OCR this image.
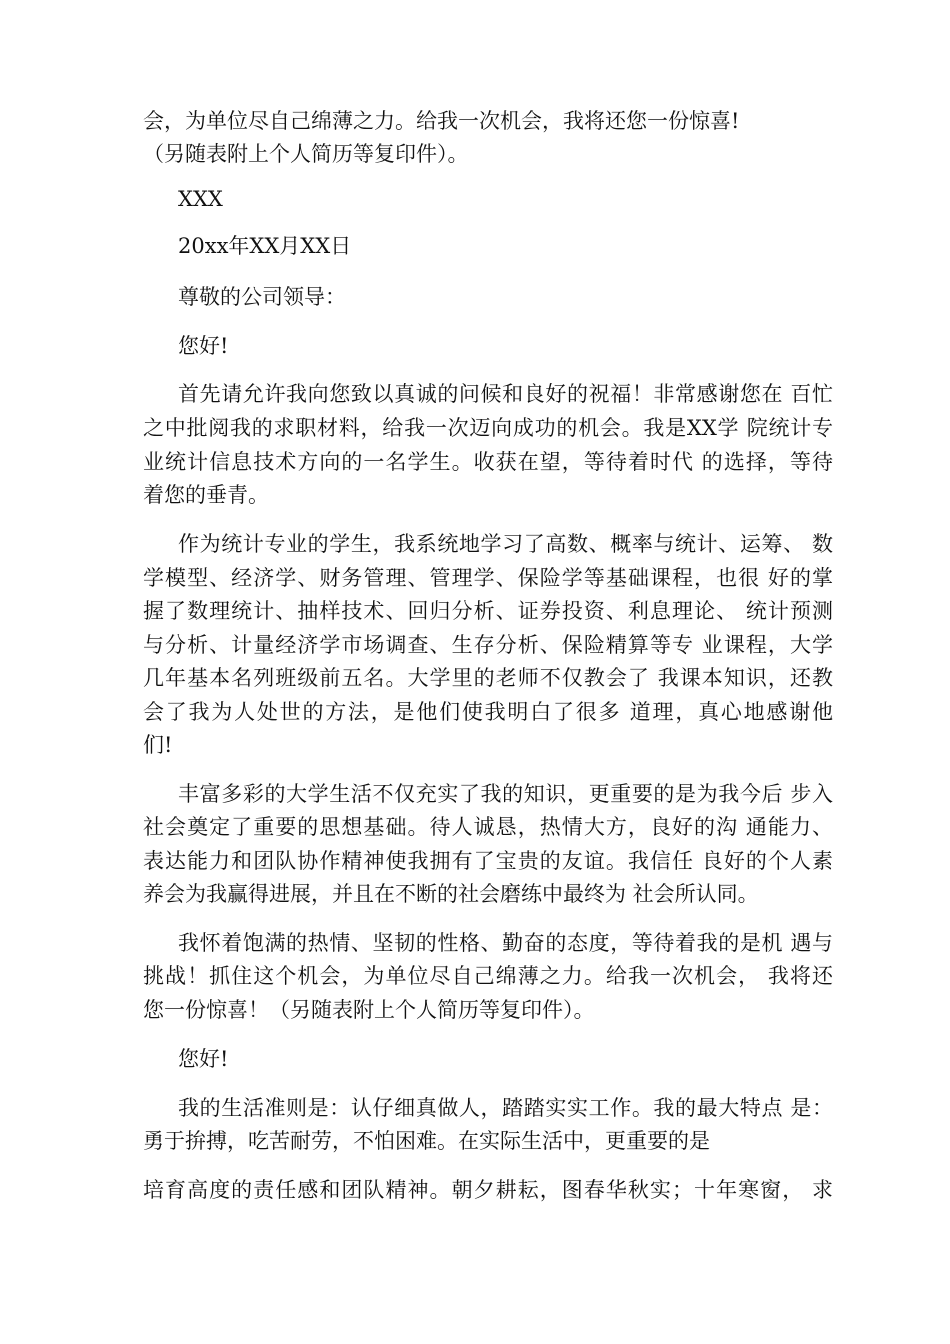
会，为单位尽自己绵薄之力。给我一次机会，我将还您一份惊喜!

（另随表附上个人简历等复印件）。

XXX

20xx年XX月XX日

尊敬的公司领导：

您好!

首先请允许我向您致以真诚的问候和良好的祝福！非常感谢您在 百忙

之中批阅我的求职材料，给我一次迈向成功的机会。我是XX学 院统计专

业统计信息技术方向的一名学生。收获在望，等待着时代 的选择，等待

着您的垂青。

作为统计专业的学生，我系统地学习了高数、概率与统计、运筹、 数

学模型、经济学、财务管理、管理学、保险学等基础课程，也很 好的掌

握了数理统计、抽样技术、回归分析、证券投资、利息理论、 统计预测

与分析、计量经济学市场调查、生存分析、保险精算等专 业课程，大学

几年基本名列班级前五名。大学里的老师不仅教会了 我课本知识，还教

会了我为人处世的方法，是他们使我明白了很多 道理，真心地感谢他

们!

丰富多彩的大学生活不仅充实了我的知识，更重要的是为我今后 步入

社会奠定了重要的思想基础。待人诚恳，热情大方，良好的沟 通能力、

表达能力和团队协作精神使我拥有了宝贵的友谊。我信任 良好的个人素

养会为我赢得进展，并且在不断的社会磨练中最终为 社会所认同。

我怀着饱满的热情、坚韧的性格、勤奋的态度，等待着我的是机 遇与

挑战！抓住这个机会，为单位尽自己绵薄之力。给我一次机会， 我将还

您一份惊喜！（另随表附上个人简历等复印件）。

您好!

我的生活准则是：认仔细真做人，踏踏实实工作。我的最大特点 是：

勇于拚搏，吃苦耐劳，不怕困难。在实际生活中，更重要的是

培育高度的责任感和团队精神。朝夕耕耘，图春华秋实；十年寒窗， 求
